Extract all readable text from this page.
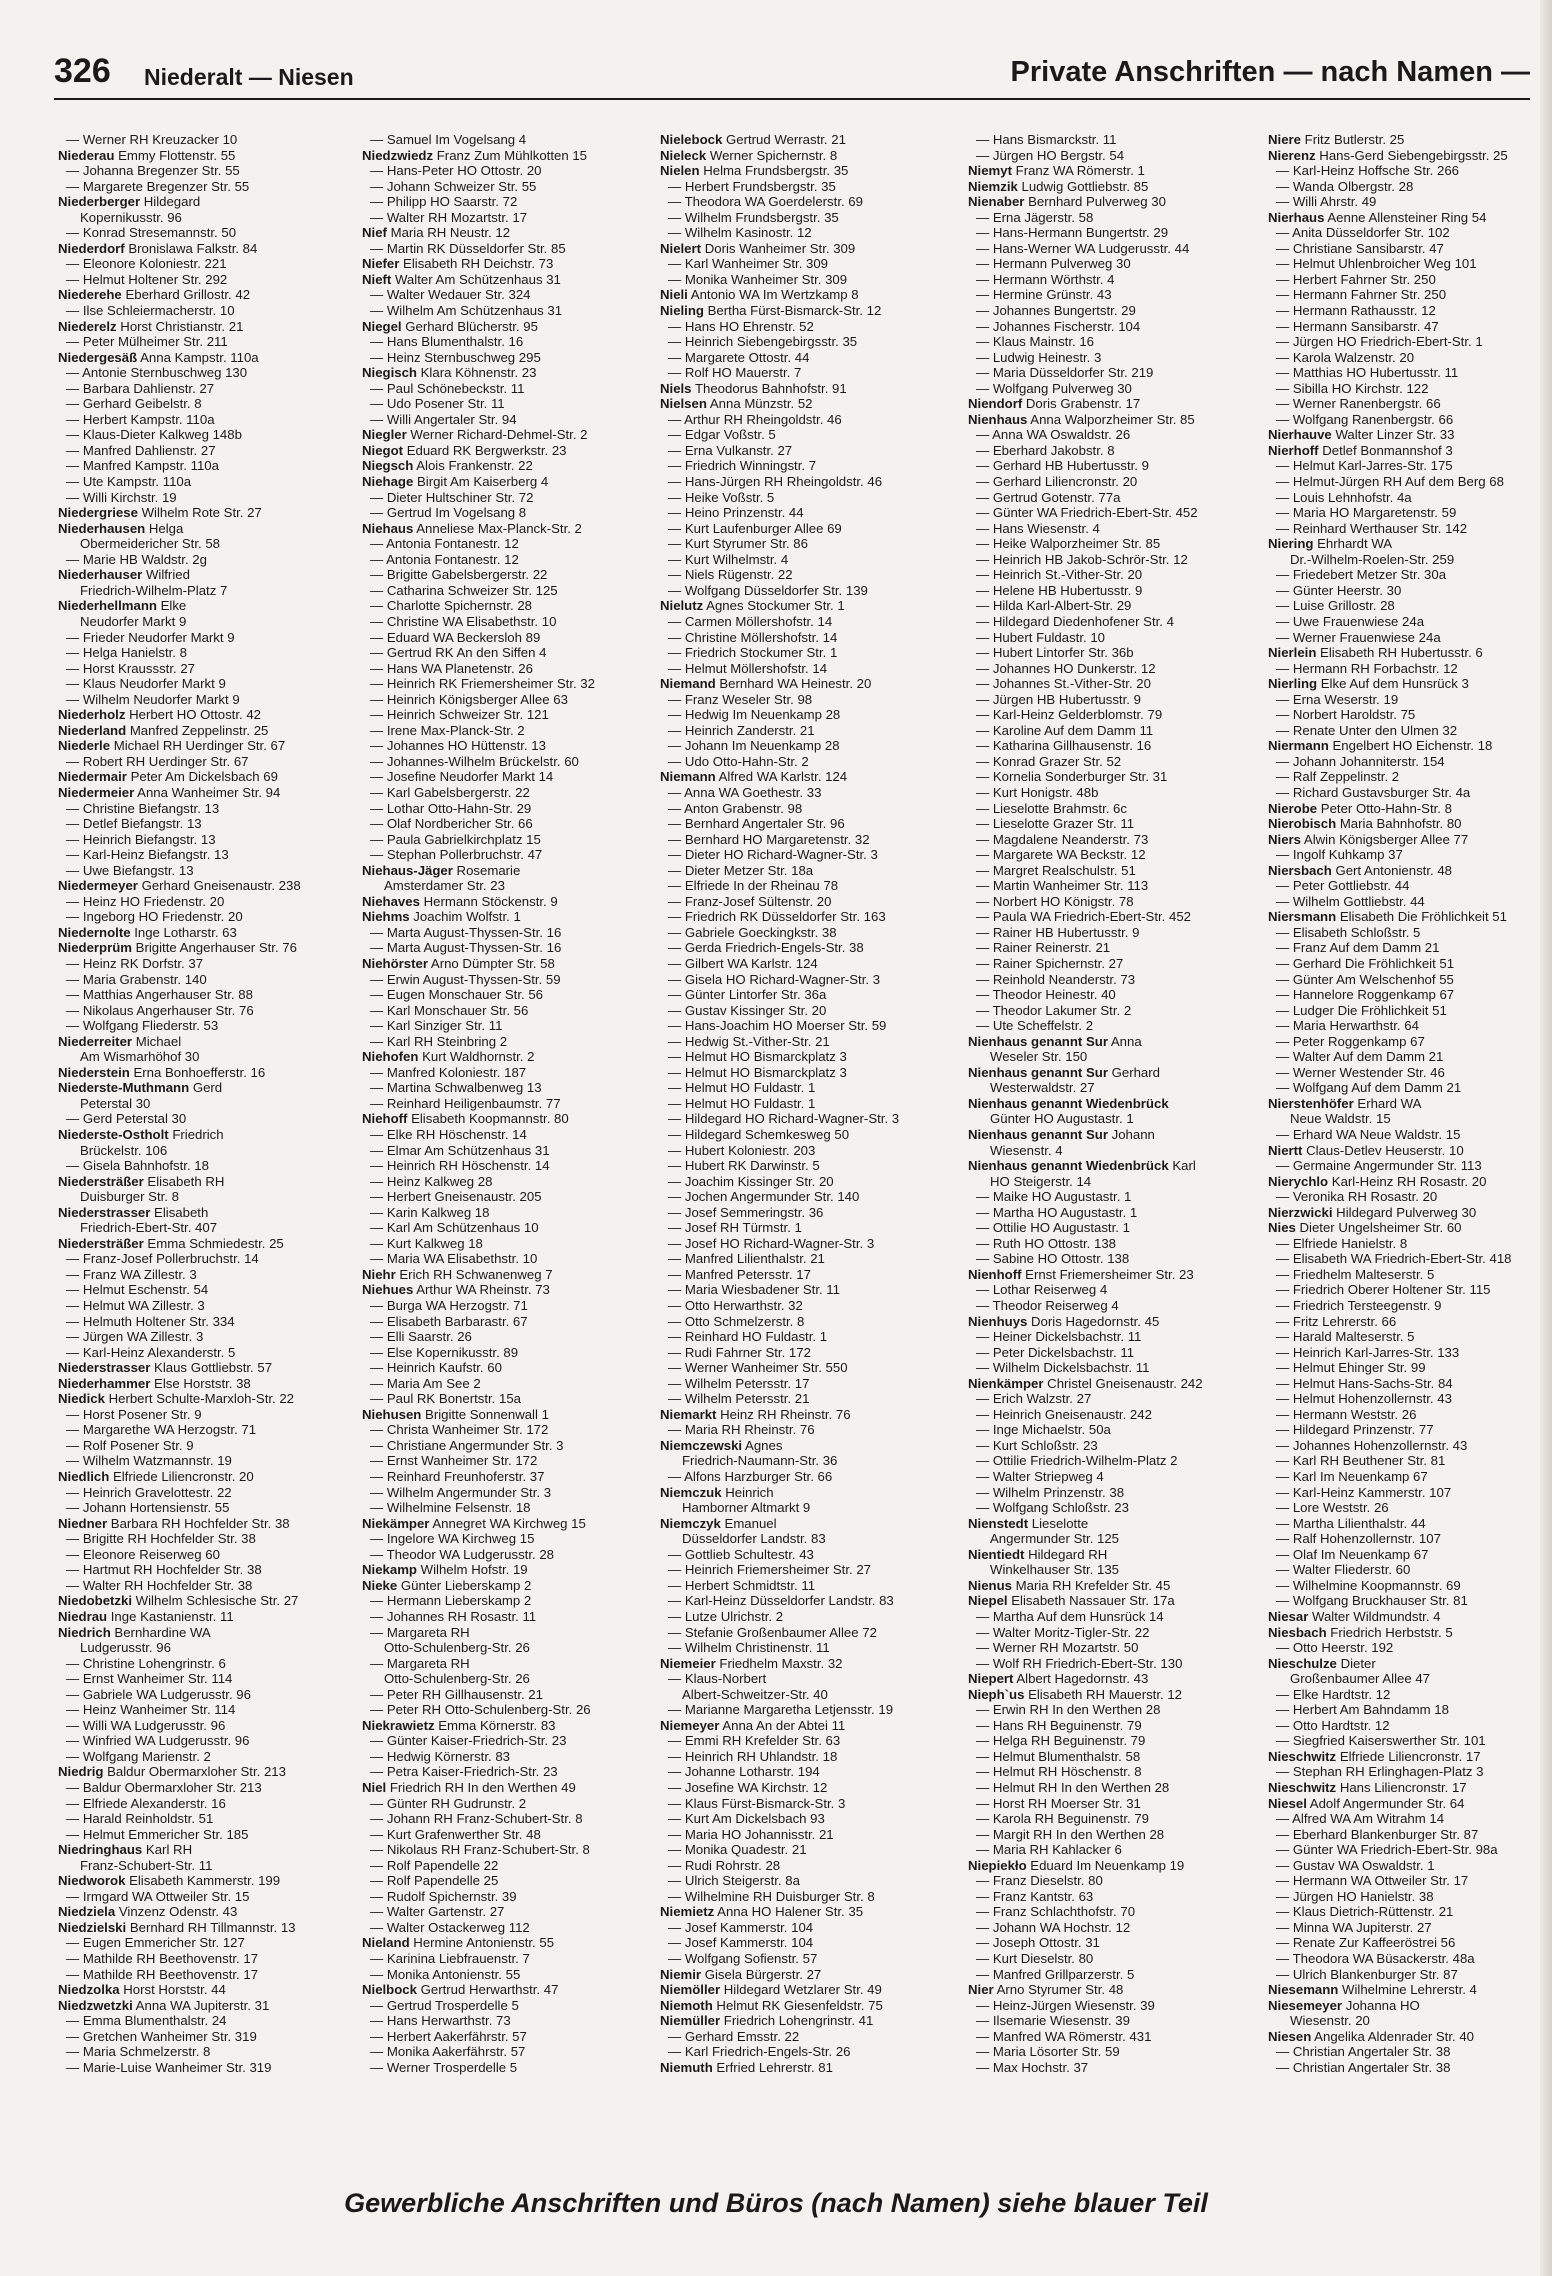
326 Niederalt — Niesen	Private Anschriften — nach Namen —
— Werner RH Kreuzacker 10
Niederau Emmy Flottenstr. 55
— Johanna Bregenzer Str. 55
— Margarete Bregenzer Str. 55
Niederberger Hildegard
Kopernikusstr. 96
— Konrad Stresemannstr. 50
Niederdorf Bronislawa Falkstr. 84
— Eleonore Koloniestr. 221
— Helmut Holtener Str. 292
Niederehe Eberhard Grillostr. 42
— Ilse Schleiermacherstr. 10
Niederelz Horst Christianstr. 21
— Peter Mülheimer Str. 211
Niedergesäß Anna Kampstr. 110a
— Antonie Sternbuschweg 130
— Barbara Dahlienstr. 27
— Gerhard Geibelstr. 8
— Herbert Kampstr. 110a
— Klaus-Dieter Kalkweg 148b
— Manfred Dahlienstr. 27
— Manfred Kampstr. 110a
— Ute Kampstr. 110a
— Willi Kirchstr. 19
Niedergriese Wilhelm Rote Str. 27
Niederhausen Helga
Obermeidericher Str. 58
— Marie HB Waldstr. 2g
Niederhauser Wilfried
Friedrich-Wilhelm-Platz 7
Niederhellmann Elke
Neudorfer Markt 9
— Frieder Neudorfer Markt 9
— Helga Hanielstr. 8
— Horst Kraussstr. 27
— Klaus Neudorfer Markt 9
— Wilhelm Neudorfer Markt 9
Niederholz Herbert HO Ottostr. 42
Niederland Manfred Zeppelinstr. 25
Niederle Michael RH Uerdinger Str. 67
— Robert RH Uerdinger Str. 67
Niedermair Peter Am Dickelsbach 69
Niedermeier Anna Wanheimer Str. 94
— Christine Biefangstr. 13
— Detlef Biefangstr. 13
— Heinrich Biefangstr. 13
— Karl-Heinz Biefangstr. 13
— Uwe Biefangstr. 13
Niedermeyer Gerhard Gneisenaustr. 238
— Heinz HO Friedenstr. 20
— Ingeborg HO Friedenstr. 20
Niedernolte Inge Lotharstr. 63
Niederprüm Brigitte Angerhauser Str. 76
— Heinz RK Dorfstr. 37
— Maria Grabenstr. 140
— Matthias Angerhauser Str. 88
— Nikolaus Angerhauser Str. 76
— Wolfgang Fliederstr. 53
Niederreiter Michael
Am Wismarhöhof 30
Niederstein Erna Bonhoefferstr. 16
Niederste-Muthmann Gerd
Peterstal 30
— Gerd Peterstal 30
Niederste-Ostholt Friedrich
Brückelstr. 106
— Gisela Bahnhofstr. 18
Niedersträßer Elisabeth RH
Duisburger Str. 8
Niederstrasser Elisabeth
Friedrich-Ebert-Str. 407
Niedersträßer Emma Schmiedestr. 25
— Franz-Josef Pollerbruchstr. 14
— Franz WA Zillestr. 3
— Helmut Eschenstr. 54
— Helmut WA Zillestr. 3
— Helmuth Holtener Str. 334
— Jürgen WA Zillestr. 3
— Karl-Heinz Alexanderstr. 5
Niederstrasser Klaus Gottliebstr. 57
Niederhammer Else Horststr. 38
Niedick Herbert Schulte-Marxloh-Str. 22
— Horst Posener Str. 9
— Margarethe WA Herzogstr. 71
— Rolf Posener Str. 9
— Wilhelm Watzmannstr. 19
Niedlich Elfriede Liliencronstr. 20
— Heinrich Gravelottestr. 22
— Johann Hortensienstr. 55
Niedner Barbara RH Hochfelder Str. 38
— Brigitte RH Hochfelder Str. 38
— Eleonore Reiserweg 60
— Hartmut RH Hochfelder Str. 38
— Walter RH Hochfelder Str. 38
Niedobetzki Wilhelm Schlesische Str. 27
Niedrau Inge Kastanienstr. 11
Niedrich Bernhardine WA
Ludgerusstr. 96
— Christine Lohengrinstr. 6
— Ernst Wanheimer Str. 114
— Gabriele WA Ludgerusstr. 96
— Heinz Wanheimer Str. 114
— Willi WA Ludgerusstr. 96
— Winfried WA Ludgerusstr. 96
— Wolfgang Marienstr. 2
Niedrig Baldur Obermarxloher Str. 213
— Baldur Obermarxloher Str. 213
— Elfriede Alexanderstr. 16
— Harald Reinholdstr. 51
— Helmut Emmericher Str. 185
Niedringhaus Karl RH
Franz-Schubert-Str. 11
Niedworok Elisabeth Kammerstr. 199
— Irmgard WA Ottweiler Str. 15
Niedziela Vinzenz Odenstr. 43
Niedzielski Bernhard RH Tillmannstr. 13
— Eugen Emmericher Str. 127
— Mathilde RH Beethovenstr. 17
— Mathilde RH Beethovenstr. 17
Niedzolka Horst Horststr. 44
Niedzwetzki Anna WA Jupiterstr. 31
— Emma Blumenthalstr. 24
— Gretchen Wanheimer Str. 319
— Maria Schmelzerstr. 8
— Marie-Luise Wanheimer Str. 319
— Samuel Im Vogelsang 4
Niedzwiedz Franz Zum Mühlkotten 15
— Hans-Peter HO Ottostr. 20
— Johann Schweizer Str. 55
— Philipp HO Saarstr. 72
— Walter RH Mozartstr. 17
Nief Maria RH Neustr. 12
— Martin RK Düsseldorfer Str. 85
Niefer Elisabeth RH Deichstr. 73
Nieft Walter Am Schützenhaus 31
— Walter Wedauer Str. 324
— Wilhelm Am Schützenhaus 31
Niegel Gerhard Blücherstr. 95
— Hans Blumenthalstr. 16
— Heinz Sternbuschweg 295
Niegisch Klara Köhnenstr. 23
— Paul Schönebeckstr. 11
— Udo Posener Str. 11
— Willi Angertaler Str. 94
Niegler Werner Richard-Dehmel-Str. 2
Niegot Eduard RK Bergwerkstr. 23
Niegsch Alois Frankenstr. 22
Niehage Birgit Am Kaiserberg 4
— Dieter Hultschiner Str. 72
— Gertrud Im Vogelsang 8
Niehaus Anneliese Max-Planck-Str. 2
— Antonia Fontanestr. 12
— Antonia Fontanestr. 12
— Brigitte Gabelsbergerstr. 22
— Catharina Schweizer Str. 125
— Charlotte Spichernstr. 28
— Christine WA Elisabethstr. 10
— Eduard WA Beckersloh 89
— Gertrud RK An den Siffen 4
— Hans WA Planetenstr. 26
— Heinrich RK Friemersheimer Str. 32
— Heinrich Königsberger Allee 63
— Heinrich Schweizer Str. 121
— Irene Max-Planck-Str. 2
— Johannes HO Hüttenstr. 13
— Johannes-Wilhelm Brückelstr. 60
— Josefine Neudorfer Markt 14
— Karl Gabelsbergerstr. 22
— Lothar Otto-Hahn-Str. 29
— Olaf Nordbericher Str. 66
— Paula Gabrielkirchplatz 15
— Stephan Pollerbruchstr. 47
Niehaus-Jäger Rosemarie
Amsterdamer Str. 23
Niehaves Hermann Stöckenstr. 9
Niehms Joachim Wolfstr. 1
— Marta August-Thyssen-Str. 16
— Marta August-Thyssen-Str. 16
Niehörster Arno Dümpter Str. 58
— Erwin August-Thyssen-Str. 59
— Eugen Monschauer Str. 56
— Karl Monschauer Str. 56
— Karl Sinziger Str. 11
— Karl RH Steinbring 2
Niehofen Kurt Waldhornstr. 2
— Manfred Koloniestr. 187
— Martina Schwalbenweg 13
— Reinhard Heiligenbaumstr. 77
Niehoff Elisabeth Koopmannstr. 80
— Elke RH Höschenstr. 14
— Elmar Am Schützenhaus 31
— Heinrich RH Höschenstr. 14
— Heinz Kalkweg 28
— Herbert Gneisenaustr. 205
— Karin Kalkweg 18
— Karl Am Schützenhaus 10
— Kurt Kalkweg 18
— Maria WA Elisabethstr. 10
Niehr Erich RH Schwanenweg 7
Niehues Arthur WA Rheinstr. 73
— Burga WA Herzogstr. 71
— Elisabeth Barbarastr. 67
— Elli Saarstr. 26
— Else Kopernikusstr. 89
— Heinrich Kaufstr. 60
— Maria Am See 2
— Paul RK Bonertstr. 15a
Niehusen Brigitte Sonnenwall 1
— Christa Wanheimer Str. 172
— Christiane Angermunder Str. 3
— Ernst Wanheimer Str. 172
— Reinhard Freunhoferstr. 37
— Wilhelm Angermunder Str. 3
— Wilhelmine Felsenstr. 18
Niekämper Annegret WA Kirchweg 15
— Ingelore WA Kirchweg 15
— Theodor WA Ludgerusstr. 28
Niekamp Wilhelm Hofstr. 19
Nieke Günter Lieberskamp 2
— Hermann Lieberskamp 2
— Johannes RH Rosastr. 11
— Margareta RH
Otto-Schulenberg-Str. 26
— Margareta RH
Otto-Schulenberg-Str. 26
— Peter RH Gillhausenstr. 21
— Peter RH Otto-Schulenberg-Str. 26
Niekrawietz Emma Körnerstr. 83
— Günter Kaiser-Friedrich-Str. 23
— Hedwig Körnerstr. 83
— Petra Kaiser-Friedrich-Str. 23
Niel Friedrich RH In den Werthen 49
— Günter RH Gudrunstr. 2
— Johann RH Franz-Schubert-Str. 8
— Kurt Grafenwerther Str. 48
— Nikolaus RH Franz-Schubert-Str. 8
— Rolf Papendelle 22
— Rolf Papendelle 25
— Rudolf Spichernstr. 39
— Walter Gartenstr. 27
— Walter Ostackerweg 112
Nieland Hermine Antonienstr. 55
— Karinina Liebfrauenstr. 7
— Monika Antonienstr. 55
Nielbock Gertrud Herwarthstr. 47
— Gertrud Trosperdelle 5
— Hans Herwarthstr. 73
— Herbert Aakerfährstr. 57
— Monika Aakerfährstr. 57
— Werner Trosperdelle 5
Nielebock Gertrud Werrastr. 21
Nieleck Werner Spichernstr. 8
Nielen Helma Frundsbergstr. 35
— Herbert Frundsbergstr. 35
— Theodora WA Goerdelerstr. 69
— Wilhelm Frundsbergstr. 35
— Wilhelm Kasinostr. 12
Nielert Doris Wanheimer Str. 309
— Karl Wanheimer Str. 309
— Monika Wanheimer Str. 309
Nieli Antonio WA Im Wertzkamp 8
Nieling Bertha Fürst-Bismarck-Str. 12
— Hans HO Ehrenstr. 52
— Heinrich Siebengebirgsstr. 35
— Margarete Ottostr. 44
— Rolf HO Mauerstr. 7
Niels Theodorus Bahnhofstr. 91
Nielsen Anna Münzstr. 52
— Arthur RH Rheingoldstr. 46
— Edgar Voßstr. 5
— Erna Vulkanstr. 27
— Friedrich Winningstr. 7
— Hans-Jürgen RH Rheingoldstr. 46
— Heike Voßstr. 5
— Heino Prinzenstr. 44
— Kurt Laufenburger Allee 69
— Kurt Styrumer Str. 86
— Kurt Wilhelmstr. 4
— Niels Rügenstr. 22
— Wolfgang Düsseldorfer Str. 139
Nielutz Agnes Stockumer Str. 1
— Carmen Möllershofstr. 14
— Christine Möllershofstr. 14
— Friedrich Stockumer Str. 1
— Helmut Möllershofstr. 14
Niemand Bernhard WA Heinestr. 20
— Franz Weseler Str. 98
— Hedwig Im Neuenkamp 28
— Heinrich Zanderstr. 21
— Johann Im Neuenkamp 28
— Udo Otto-Hahn-Str. 2
Niemann Alfred WA Karlstr. 124
— Anna WA Goethestr. 33
— Anton Grabenstr. 98
— Bernhard Angertaler Str. 96
— Bernhard HO Margaretenstr. 32
— Dieter HO Richard-Wagner-Str. 3
— Dieter Metzer Str. 18a
— Elfriede In der Rheinau 78
— Franz-Josef Sültenstr. 20
— Friedrich RK Düsseldorfer Str. 163
— Gabriele Goeckingkstr. 38
— Gerda Friedrich-Engels-Str. 38
— Gilbert WA Karlstr. 124
— Gisela HO Richard-Wagner-Str. 3
— Günter Lintorfer Str. 36a
— Gustav Kissinger Str. 20
— Hans-Joachim HO Moerser Str. 59
— Hedwig St.-Vither-Str. 21
— Helmut HO Bismarckplatz 3
— Helmut HO Bismarckplatz 3
— Helmut HO Fuldastr. 1
— Helmut HO Fuldastr. 1
— Hildegard HO Richard-Wagner-Str. 3
— Hildegard Schemkesweg 50
— Hubert Koloniestr. 203
— Hubert RK Darwinstr. 5
— Joachim Kissinger Str. 20
— Jochen Angermunder Str. 140
— Josef Semmeringstr. 36
— Josef RH Türmstr. 1
— Josef HO Richard-Wagner-Str. 3
— Manfred Lilienthalstr. 21
— Manfred Petersstr. 17
— Maria Wiesbadener Str. 11
— Otto Herwarthstr. 32
— Otto Schmelzerstr. 8
— Reinhard HO Fuldastr. 1
— Rudi Fahrner Str. 172
— Werner Wanheimer Str. 550
— Wilhelm Petersstr. 17
— Wilhelm Petersstr. 21
Niemarkt Heinz RH Rheinstr. 76
— Maria RH Rheinstr. 76
Niemczewski Agnes
Friedrich-Naumann-Str. 36
— Alfons Harzburger Str. 66
Niemczuk Heinrich
Hamborner Altmarkt 9
Niemczyk Emanuel
Düsseldorfer Landstr. 83
— Gottlieb Schultestr. 43
— Heinrich Friemersheimer Str. 27
— Herbert Schmidtstr. 11
— Karl-Heinz Düsseldorfer Landstr. 83
— Lutze Ulrichstr. 2
— Stefanie Großenbaumer Allee 72
— Wilhelm Christinenstr. 11
Niemeier Friedhelm Maxstr. 32
— Klaus-Norbert
Albert-Schweitzer-Str. 40
— Marianne Margaretha Letjensstr. 19
Niemeyer Anna An der Abtei 11
— Emmi RH Krefelder Str. 63
— Heinrich RH Uhlandstr. 18
— Johanne Lotharstr. 194
— Josefine WA Kirchstr. 12
— Klaus Fürst-Bismarck-Str. 3
— Kurt Am Dickelsbach 93
— Maria HO Johannisstr. 21
— Monika Quadestr. 21
— Rudi Rohrstr. 28
— Ulrich Steigerstr. 8a
— Wilhelmine RH Duisburger Str. 8
Niemietz Anna HO Halener Str. 35
— Josef Kammerstr. 104
— Josef Kammerstr. 104
— Wolfgang Sofienstr. 57
Niemir Gisela Bürgerstr. 27
Niemöller Hildegard Wetzlarer Str. 49
Niemoth Helmut RK Giesenfeldstr. 75
Niemüller Friedrich Lohengrinstr. 41
— Gerhard Emsstr. 22
— Karl Friedrich-Engels-Str. 26
Niemuth Erfried Lehrerstr. 81
— Hans Bismarckstr. 11
— Jürgen HO Bergstr. 54
Niemyt Franz WA Römerstr. 1
Niemzik Ludwig Gottliebstr. 85
Nienaber Bernhard Pulverweg 30
— Erna Jägerstr. 58
— Hans-Hermann Bungertstr. 29
— Hans-Werner WA Ludgerusstr. 44
— Hermann Pulverweg 30
— Hermann Wörthstr. 4
— Hermine Grünstr. 43
— Johannes Bungertstr. 29
— Johannes Fischerstr. 104
— Klaus Mainstr. 16
— Ludwig Heinestr. 3
— Maria Düsseldorfer Str. 219
— Wolfgang Pulverweg 30
Niendorf Doris Grabenstr. 17
Nienhaus Anna Walporzheimer Str. 85
— Anna WA Oswaldstr. 26
— Eberhard Jakobstr. 8
— Gerhard HB Hubertusstr. 9
— Gerhard Liliencronstr. 20
— Gertrud Gotenstr. 77a
— Günter WA Friedrich-Ebert-Str. 452
— Hans Wiesenstr. 4
— Heike Walporzheimer Str. 85
— Heinrich HB Jakob-Schrör-Str. 12
— Heinrich St.-Vither-Str. 20
— Helene HB Hubertusstr. 9
— Hilda Karl-Albert-Str. 29
— Hildegard Diedenhofener Str. 4
— Hubert Fuldastr. 10
— Hubert Lintorfer Str. 36b
— Johannes HO Dunkerstr. 12
— Johannes St.-Vither-Str. 20
— Jürgen HB Hubertusstr. 9
— Karl-Heinz Gelderblomstr. 79
— Karoline Auf dem Damm 11
— Katharina Gillhausenstr. 16
— Konrad Grazer Str. 52
— Kornelia Sonderburger Str. 31
— Kurt Honigstr. 48b
— Lieselotte Brahmstr. 6c
— Lieselotte Grazer Str. 11
— Magdalene Neanderstr. 73
— Margarete WA Beckstr. 12
— Margret Realschulstr. 51
— Martin Wanheimer Str. 113
— Norbert HO Königstr. 78
— Paula WA Friedrich-Ebert-Str. 452
— Rainer HB Hubertusstr. 9
— Rainer Reinerstr. 21
— Rainer Spichernstr. 27
— Reinhold Neanderstr. 73
— Theodor Heinestr. 40
— Theodor Lakumer Str. 2
— Ute Scheffelstr. 2
Nienhaus genannt Sur Anna
Weseler Str. 150
Nienhaus genannt Sur Gerhard
Westerwaldstr. 27
Nienhaus genannt Wiedenbrück
Günter HO Augustastr. 1
Nienhaus genannt Sur Johann
Wiesenstr. 4
Nienhaus genannt Wiedenbrück Karl
HO Steigerstr. 14
— Maike HO Augustastr. 1
— Martha HO Augustastr. 1
— Ottilie HO Augustastr. 1
— Ruth HO Ottostr. 138
— Sabine HO Ottostr. 138
Nienhoff Ernst Friemersheimer Str. 23
— Lothar Reiserweg 4
— Theodor Reiserweg 4
Nienhuys Doris Hagedornstr. 45
— Heiner Dickelsbachstr. 11
— Peter Dickelsbachstr. 11
— Wilhelm Dickelsbachstr. 11
Nienkämper Christel Gneisenaustr. 242
— Erich Walzstr. 27
— Heinrich Gneisenaustr. 242
— Inge Michaelstr. 50a
— Kurt Schloßstr. 23
— Ottilie Friedrich-Wilhelm-Platz 2
— Walter Striepweg 4
— Wilhelm Prinzenstr. 38
— Wolfgang Schloßstr. 23
Nienstedt Lieselotte
Angermunder Str. 125
Nientiedt Hildegard RH
Winkelhauser Str. 135
Nienus Maria RH Krefelder Str. 45
Niepel Elisabeth Nassauer Str. 17a
— Martha Auf dem Hunsrück 14
— Walter Moritz-Tigler-Str. 22
— Werner RH Mozartstr. 50
— Wolf RH Friedrich-Ebert-Str. 130
Niepert Albert Hagedornstr. 43
Nieph`us Elisabeth RH Mauerstr. 12
— Erwin RH In den Werthen 28
— Hans RH Beguinenstr. 79
— Helga RH Beguinenstr. 79
— Helmut Blumenthalstr. 58
— Helmut RH Höschenstr. 8
— Helmut RH In den Werthen 28
— Horst RH Moerser Str. 31
— Karola RH Beguinenstr. 79
— Margit RH In den Werthen 28
— Maria RH Kahlacker 6
Niepiekło Eduard Im Neuenkamp 19
— Franz Dieselstr. 80
— Franz Kantstr. 63
— Franz Schlachthofstr. 70
— Johann WA Hochstr. 12
— Joseph Ottostr. 31
— Kurt Dieselstr. 80
— Manfred Grillparzerstr. 5
Nier Arno Styrumer Str. 48
— Heinz-Jürgen Wiesenstr. 39
— Ilsemarie Wiesenstr. 39
— Manfred WA Römerstr. 431
— Maria Lösorter Str. 59
— Max Hochstr. 37
Niere Fritz Butlerstr. 25
Nierenz Hans-Gerd Siebengebirgsstr. 25
— Karl-Heinz Hoffsche Str. 266
— Wanda Olbergstr. 28
— Willi Ahrstr. 49
Nierhaus Aenne Allensteiner Ring 54
— Anita Düsseldorfer Str. 102
— Christiane Sansibarstr. 47
— Helmut Uhlenbroicher Weg 101
— Herbert Fahrner Str. 250
— Hermann Fahrner Str. 250
— Hermann Rathausstr. 12
— Hermann Sansibarstr. 47
— Jürgen HO Friedrich-Ebert-Str. 1
— Karola Walzenstr. 20
— Matthias HO Hubertusstr. 11
— Sibilla HO Kirchstr. 122
— Werner Ranenbergstr. 66
— Wolfgang Ranenbergstr. 66
Nierhauve Walter Linzer Str. 33
Nierhoff Detlef Bonmannshof 3
— Helmut Karl-Jarres-Str. 175
— Helmut-Jürgen RH Auf dem Berg 68
— Louis Lehnhofstr. 4a
— Maria HO Margaretenstr. 59
— Reinhard Werthauser Str. 142
Niering Ehrhardt WA
Dr.-Wilhelm-Roelen-Str. 259
— Friedebert Metzer Str. 30a
— Günter Heerstr. 30
— Luise Grillostr. 28
— Uwe Frauenwiese 24a
— Werner Frauenwiese 24a
Nierlein Elisabeth RH Hubertusstr. 6
— Hermann RH Forbachstr. 12
Nierling Elke Auf dem Hunsrück 3
— Erna Weserstr. 19
— Norbert Haroldstr. 75
— Renate Unter den Ulmen 32
Niermann Engelbert HO Eichenstr. 18
— Johann Johanniterstr. 154
— Ralf Zeppelinstr. 2
— Richard Gustavsburger Str. 4a
Nierobe Peter Otto-Hahn-Str. 8
Nierobisch Maria Bahnhofstr. 80
Niers Alwin Königsberger Allee 77
— Ingolf Kuhkamp 37
Niersbach Gert Antonienstr. 48
— Peter Gottliebstr. 44
— Wilhelm Gottliebstr. 44
Niersmann Elisabeth Die Fröhlichkeit 51
— Elisabeth Schloßstr. 5
— Franz Auf dem Damm 21
— Gerhard Die Fröhlichkeit 51
— Günter Am Welschenhof 55
— Hannelore Roggenkamp 67
— Ludger Die Fröhlichkeit 51
— Maria Herwarthstr. 64
— Peter Roggenkamp 67
— Walter Auf dem Damm 21
— Werner Westender Str. 46
— Wolfgang Auf dem Damm 21
Nierstenhöfer Erhard WA
Neue Waldstr. 15
— Erhard WA Neue Waldstr. 15
Niertt Claus-Detlev Heuserstr. 10
— Germaine Angermunder Str. 113
Nierychlo Karl-Heinz RH Rosastr. 20
— Veronika RH Rosastr. 20
Nierzwicki Hildegard Pulverweg 30
Nies Dieter Ungelsheimer Str. 60
— Elfriede Hanielstr. 8
— Elisabeth WA Friedrich-Ebert-Str. 418
— Friedhelm Malteserstr. 5
— Friedrich Oberer Holtener Str. 115
— Friedrich Tersteegenstr. 9
— Fritz Lehrerstr. 66
— Harald Malteserstr. 5
— Heinrich Karl-Jarres-Str. 133
— Helmut Ehinger Str. 99
— Helmut Hans-Sachs-Str. 84
— Helmut Hohenzollernstr. 43
— Hermann Weststr. 26
— Hildegard Prinzenstr. 77
— Johannes Hohenzollernstr. 43
— Karl RH Beuthener Str. 81
— Karl Im Neuenkamp 67
— Karl-Heinz Kammerstr. 107
— Lore Weststr. 26
— Martha Lilienthalstr. 44
— Ralf Hohenzollernstr. 107
— Olaf Im Neuenkamp 67
— Walter Fliederstr. 60
— Wilhelmine Koopmannstr. 69
— Wolfgang Bruckhauser Str. 81
Niesar Walter Wildmundstr. 4
Niesbach Friedrich Herbststr. 5
— Otto Heerstr. 192
Nieschulze Dieter
Großenbaumer Allee 47
— Elke Hardtstr. 12
— Herbert Am Bahndamm 18
— Otto Hardtstr. 12
— Siegfried Kaiserswerther Str. 101
Nieschwitz Elfriede Liliencronstr. 17
— Stephan RH Erlinghagen-Platz 3
Nieschwitz Hans Liliencronstr. 17
Niesel Adolf Angermunder Str. 64
— Alfred WA Am Witrahm 14
— Eberhard Blankenburger Str. 87
— Günter WA Friedrich-Ebert-Str. 98a
— Gustav WA Oswaldstr. 1
— Hermann WA Ottweiler Str. 17
— Jürgen HO Hanielstr. 38
— Klaus Dietrich-Rüttenstr. 21
— Minna WA Jupiterstr. 27
— Renate Zur Kaffeeröstrei 56
— Theodora WA Büsackerstr. 48a
— Ulrich Blankenburger Str. 87
Niesemann Wilhelmine Lehrerstr. 4
Niesemeyer Johanna HO
Wiesenstr. 20
Niesen Angelika Aldenrader Str. 40
— Christian Angertaler Str. 38
— Christian Angertaler Str. 38
Gewerbliche Anschriften und Büros (nach Namen) siehe blauer Teil
